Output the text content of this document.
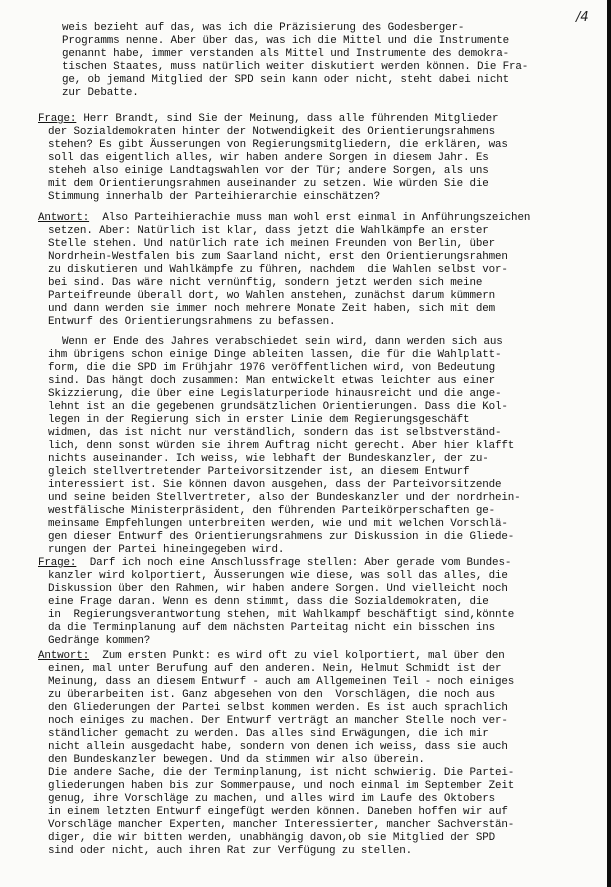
/4
weis bezieht auf das, was ich die Präzisierung des Godesberger-
Programms nenne. Aber über das, was ich die Mittel und die Instrumente
genannt habe, immer verstanden als Mittel und Instrumente des demokra-
tischen Staates, muss natürlich weiter diskutiert werden können. Die Fra-
ge, ob jemand Mitglied der SPD sein kann oder nicht, steht dabei nicht
zur Debatte.
Frage: Herr Brandt, sind Sie der Meinung, dass alle führenden Mitglieder
der Sozialdemokraten hinter der Notwendigkeit des Orientierungsrahmens
stehen? Es gibt Äusserungen von Regierungsmitgliedern, die erklären, was
soll das eigentlich alles, wir haben andere Sorgen in diesem Jahr. Es
steheh also einige Landtagswahlen vor der Tür; andere Sorgen, als uns
mit dem Orientierungsrahmen auseinander zu setzen. Wie würden Sie die
Stimmung innerhalb der Parteihierarchie einschätzen?
Antwort: Also Parteihierachie muss man wohl erst einmal in Anführungszeichen
setzen. Aber: Natürlich ist klar, dass jetzt die Wahlkämpfe an erster
Stelle stehen. Und natürlich rate ich meinen Freunden von Berlin, über
Nordrhein-Westfalen bis zum Saarland nicht, erst den Orientierungsrahmen
zu diskutieren und Wahlkämpfe zu führen, nachdem  die Wahlen selbst vor-
bei sind. Das wäre nicht vernünftig, sondern jetzt werden sich meine
Parteifreunde überall dort, wo Wahlen anstehen, zunächst darum kümmern
und dann werden sie immer noch mehrere Monate Zeit haben, sich mit dem
Entwurf des Orientierungsrahmens zu befassen.
Wenn er Ende des Jahres verabschiedet sein wird, dann werden sich aus
ihm übrigens schon einige Dinge ableiten lassen, die für die Wahlplatt-
form, die die SPD im Frühjahr 1976 veröffentlichen wird, von Bedeutung
sind. Das hängt doch zusammen: Man entwickelt etwas leichter aus einer
Skizzierung, die über eine Legislaturperiode hinausreicht und die ange-
lehnt ist an die gegebenen grundsätzlichen Orientierungen. Dass die Kol-
legen in der Regierung sich in erster Linie dem Regierungsgeschäft
widmen, das ist nicht nur verständlich, sondern das ist selbstverständ-
lich, denn sonst würden sie ihrem Auftrag nicht gerecht. Aber hier klafft
nichts auseinander. Ich weiss, wie lebhaft der Bundeskanzler, der zu-
gleich stellvertretender Parteivorsitzender ist, an diesem Entwurf
interessiert ist. Sie können davon ausgehen, dass der Parteivorsitzende
und seine beiden Stellvertreter, also der Bundeskanzler und der nordrhein-
westfälische Ministerpräsident, den führenden Parteikörperschaften ge-
meinsame Empfehlungen unterbreiten werden, wie und mit welchen Vorschlä-
gen dieser Entwurf des Orientierungsrahmens zur Diskussion in die Gliede-
rungen der Partei hineingegeben wird.
Frage: Darf ich noch eine Anschlussfrage stellen: Aber gerade vom Bundes-
kanzler wird kolportiert, Äusserungen wie diese, was soll das alles, die
Diskussion über den Rahmen, wir haben andere Sorgen. Und vielleicht noch
eine Frage daran. Wenn es denn stimmt, dass die Sozialdemokraten, die
in  Regierungsverantwortung stehen, mit Wahlkampf beschäftigt sind,könnte
da die Terminplanung auf dem nächsten Parteitag nicht ein bisschen ins
Gedränge kommen?
Antwort: Zum ersten Punkt: es wird oft zu viel kolportiert, mal über den
einen, mal unter Berufung auf den anderen. Nein, Helmut Schmidt ist der
Meinung, dass an diesem Entwurf - auch am Allgemeinen Teil - noch einiges
zu überarbeiten ist. Ganz abgesehen von den  Vorschlägen, die noch aus
den Gliederungen der Partei selbst kommen werden. Es ist auch sprachlich
noch einiges zu machen. Der Entwurf verträgt an mancher Stelle noch ver-
ständlicher gemacht zu werden. Das alles sind Erwägungen, die ich mir
nicht allein ausgedacht habe, sondern von denen ich weiss, dass sie auch
den Bundeskanzler bewegen. Und da stimmen wir also überein.
Die andere Sache, die der Terminplanung, ist nicht schwierig. Die Partei-
gliederungen haben bis zur Sommerpause, und noch einmal im September Zeit
genug, ihre Vorschläge zu machen, und alles wird im Laufe des Oktobers
in einem letzten Entwurf eingefügt werden können. Daneben hoffen wir auf
Vorschläge mancher Experten, mancher Interessierter, mancher Sachverstän-
diger, die wir bitten werden, unabhängig davon,ob sie Mitglied der SPD
sind oder nicht, auch ihren Rat zur Verfügung zu stellen.
